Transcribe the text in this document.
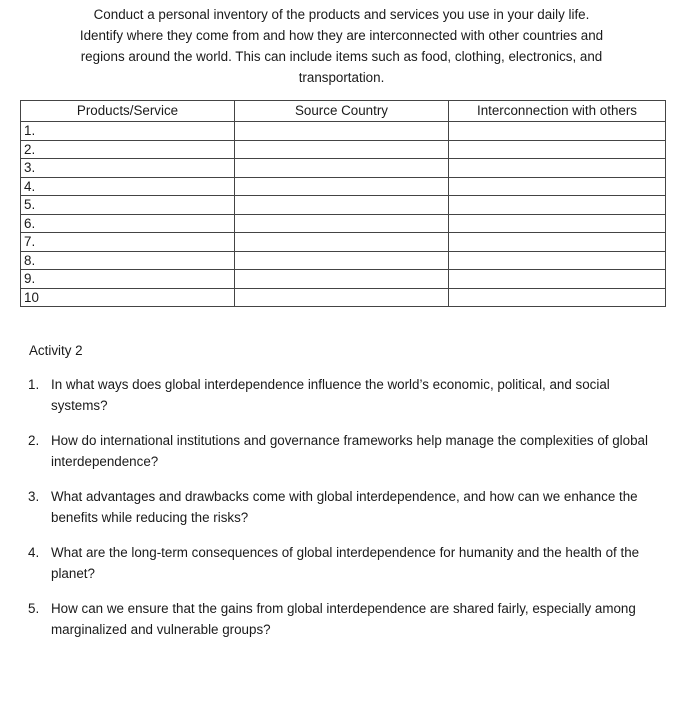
Conduct a personal inventory of the products and services you use in your daily life.
Identify where they come from and how they are interconnected with other countries and
regions around the world. This can include items such as food, clothing, electronics, and
transportation.
Products/Service	Source Country	Interconnection with others
1.		
2.		
3.		
4.		
5.		
6.		
7.		
8.		
9.		
10		
Activity 2
1. In what ways does global interdependence influence the world’s economic, political, and social systems?
2. How do international institutions and governance frameworks help manage the complexities of global interdependence?
3. What advantages and drawbacks come with global interdependence, and how can we enhance the benefits while reducing the risks?
4. What are the long-term consequences of global interdependence for humanity and the health of the planet?
5. How can we ensure that the gains from global interdependence are shared fairly, especially among marginalized and vulnerable groups?
